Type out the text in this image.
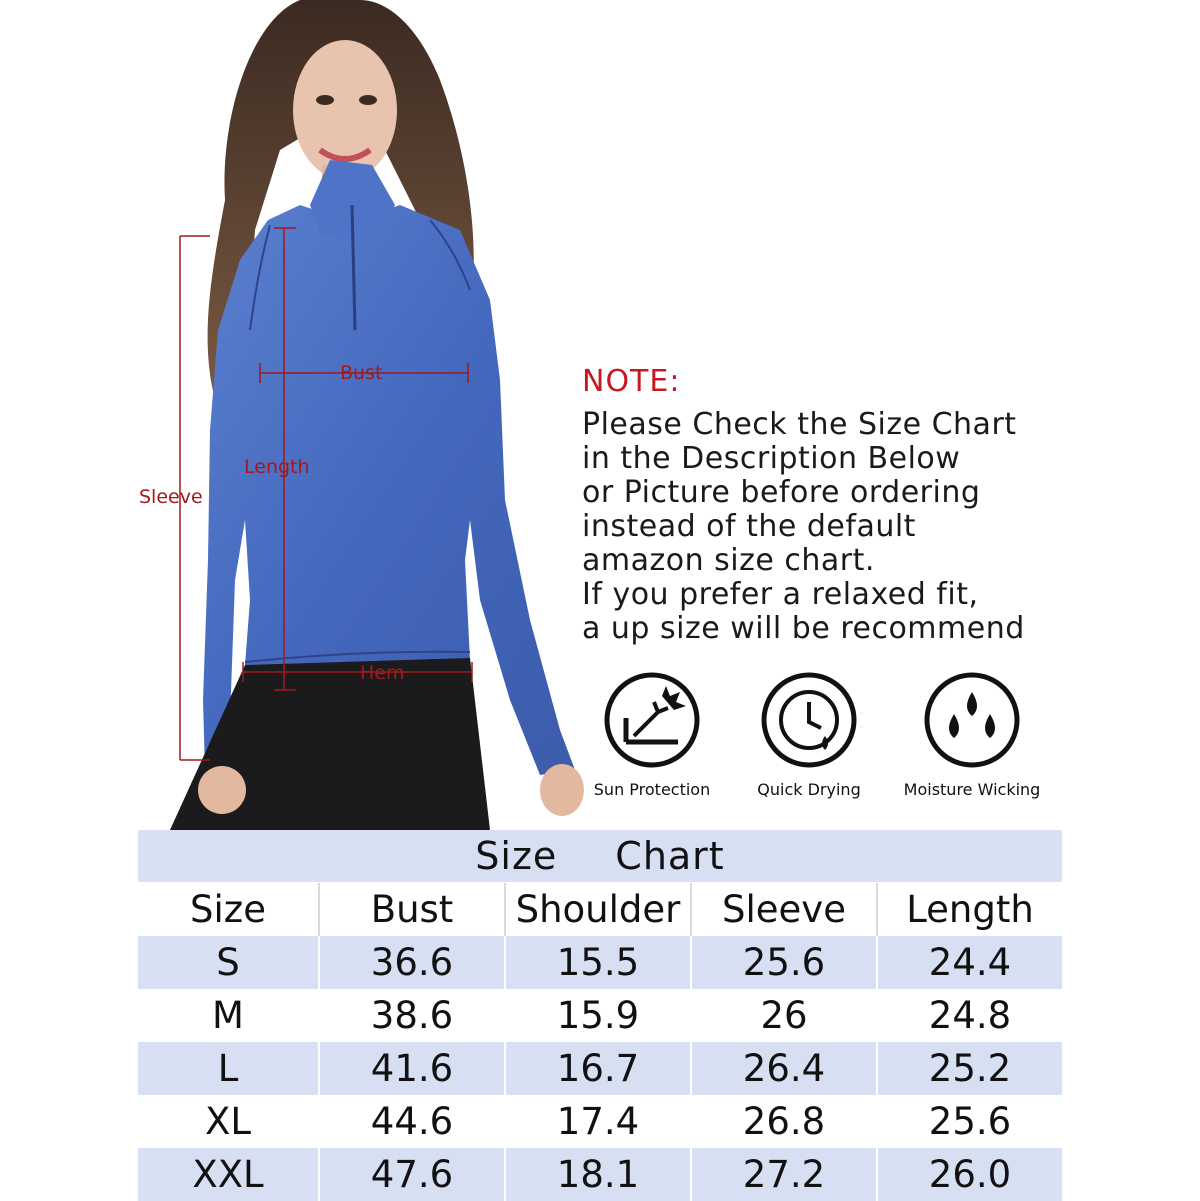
Bust
Length
Sleeve
Hem
NOTE:
Please Check the Size Chart
in the Description Below
or Picture before ordering
instead of the default
amazon size chart.
If you prefer a relaxed fit,
a up size will be recommend
Sun Protection	Quick Drying	Moisture Wicking
Size Chart
Size	Bust	Shoulder	Sleeve	Length
S	36.6	15.5	25.6	24.4
M	38.6	15.9	26	24.8
L	41.6	16.7	26.4	25.2
XL	44.6	17.4	26.8	25.6
XXL	47.6	18.1	27.2	26.0
